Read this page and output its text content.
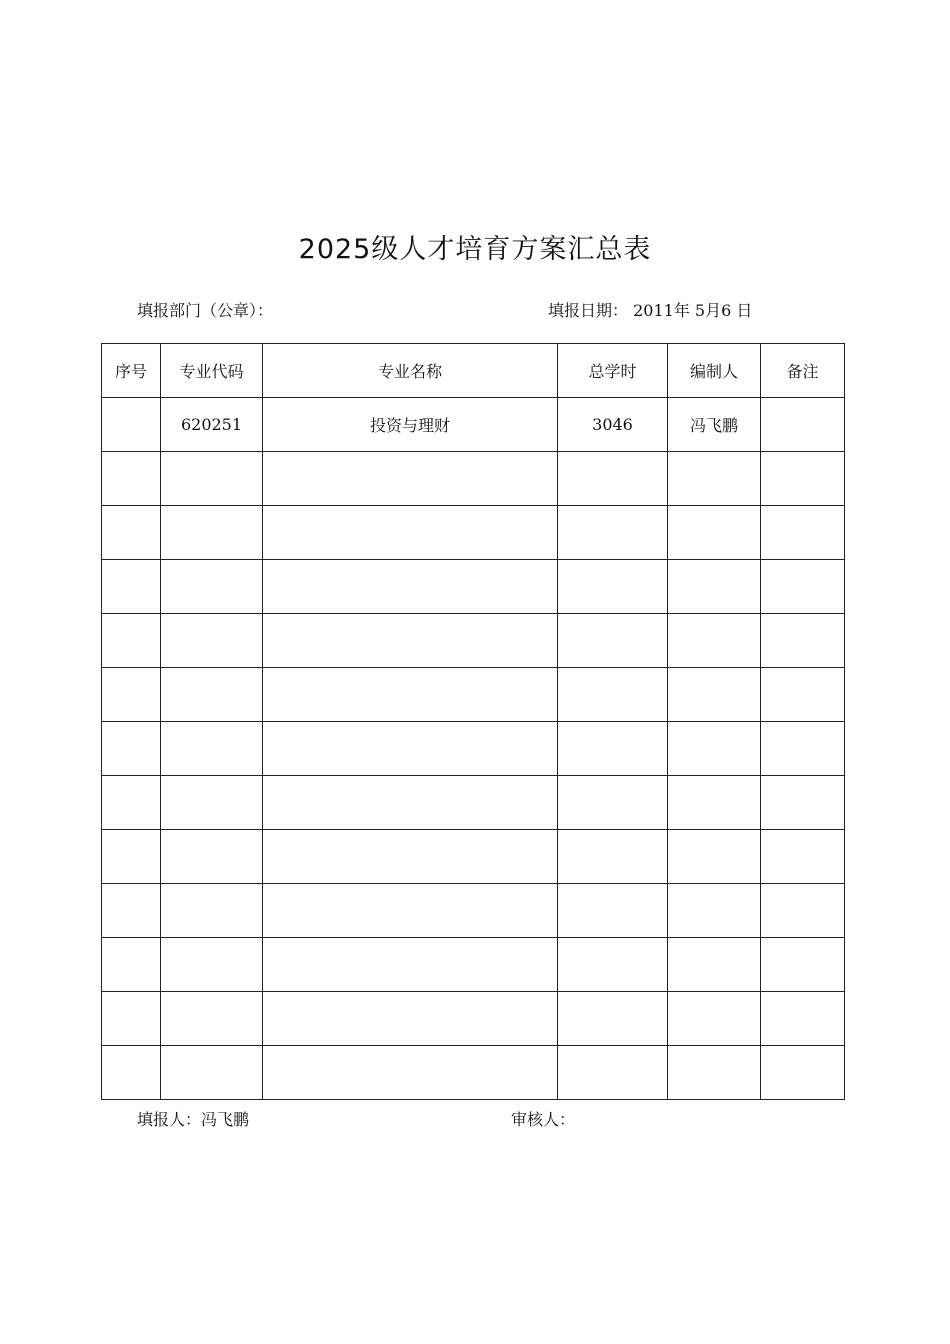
2025级人才培育方案汇总表
填报部门（公章）：	填报日期： 2011年 5月6 日
序号	专业代码	专业名称	总学时	编制人	备注
	620251	投资与理财	3046	冯飞鹏	

填报人：冯飞鹏	审核人：
